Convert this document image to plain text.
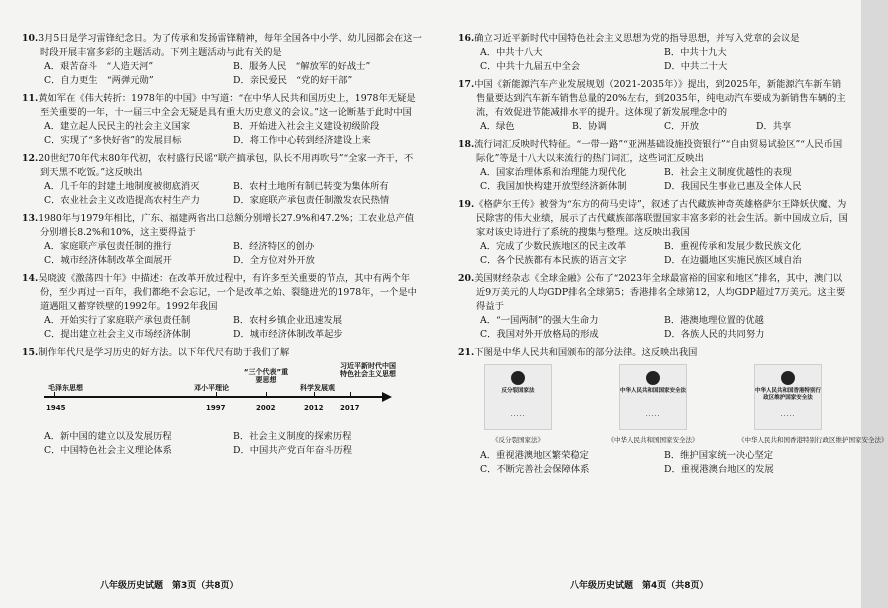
10.3月5日是学习雷锋纪念日。为了传承和发扬雷锋精神，每年全国各中小学、幼儿园都会在这一时段开展丰富多彩的主题活动。下列主题活动与此有关的是
A．艰苦奋斗　“人造天河”	B．服务人民　“解放军的好战士”
C．自力更生　“两弹元勋”	D．亲民爱民　“党的好干部”
11.黄如军在《伟大转折：1978年的中国》中写道：“在中华人民共和国历史上，1978年无疑是至关重要的一年，十一届三中全会无疑是具有重大历史意义的会议。”这一论断基于此时中国
A．建立起人民民主的社会主义国家	B．开始进入社会主义建设初级阶段
C．实现了“多快好省”的发展目标	D．将工作中心转到经济建设上来
12.20世纪70年代末80年代初，农村盛行民谣“联产搞承包，队长不用再吹号”“全家一齐干，不到天黑不吃饭。”这反映出
A．几千年的封建土地制度被彻底消灭	B．农村土地所有制已转变为集体所有
C．农业社会主义改造提高农村生产力	D．家庭联产承包责任制激发农民热情
13.1980年与1979年相比，广东、福建两省出口总额分别增长27.9%和47.2%；工农业总产值分别增长8.2%和10%，这主要得益于
A．家庭联产承包责任制的推行	B．经济特区的创办
C．城市经济体制改革全面展开	D．全方位对外开放
14.吴晓波《激荡四十年》中描述：在改革开放过程中，有许多至关重要的节点，其中有两个年份，至少再过一百年，我们都绝不会忘记，一个是改革之始、裂缝进光的1978年，一个是中道遇阻又蓄穿铁壁的1992年。1992年我国
A．开始实行了家庭联产承包责任制	B．农村乡镇企业迅速发展
C．提出建立社会主义市场经济体制	D．城市经济体制改革起步
15.制作年代尺是学习历史的好方法。以下年代尺有助于我们了解
毛泽东思想	邓小平理论
“三个代表”重要思想
科学发展观
习近平新时代中国特色社会主义思想
1945	1997	2002	2012 2017
A．新中国的建立以及发展历程	B．社会主义制度的探索历程
C．中国特色社会主义理论体系	D．中国共产党百年奋斗历程
八年级历史试题　第3页（共8页）
16.确立习近平新时代中国特色社会主义思想为党的指导思想，并写入党章的会议是
A．中共十八大	B．中共十九大
C．中共十九届五中全会	D．中共二十大
17.中国《新能源汽车产业发展规划（2021-2035年）》提出，到2025年，新能源汽车新车销售量要达到汽车新车销售总量的20%左右，到2035年，纯电动汽车要成为新销售车辆的主流，有效促进节能减排水平的提升。这体现了新发展理念中的
A．绿色	B．协调	C．开放	D．共享
18.流行词汇反映时代特征。“一带一路”“亚洲基础设施投资银行”“自由贸易试验区”“人民币国际化”等是十八大以来流行的热门词汇，这些词汇反映出
A．国家治理体系和治理能力现代化	B．社会主义制度优越性的表现
C．我国加快构建开放型经济新体制	D．我国民生事业已惠及全体人民
19.《格萨尔王传》被誉为“东方的荷马史诗”，叙述了古代藏族神奇英雄格萨尔王降妖伏魔、为民除害的伟大业绩，展示了古代藏族部落联盟国家丰富多彩的社会生活。新中国成立后，国家对该史诗进行了系统的搜集与整理。这反映出我国
A．完成了少数民族地区的民主改革	B．重视传承和发展少数民族文化
C．各个民族都有本民族的语言文字	D．在边疆地区实施民族区域自治
20.美国财经杂志《全球金融》公布了“2023年全球最富裕的国家和地区”排名，其中，澳门以近9万美元的人均GDP排名全球第5；香港排名全球第12，人均GDP超过7万美元。这主要得益于
A．“一国两制”的强大生命力	B．港澳地理位置的优越
C．我国对外开放格局的形成	D．各族人民的共同努力
21.下图是中华人民共和国颁布的部分法律。这反映出我国
反分裂国家法
·····
《反分裂国家法》
中华人民共和国国家安全法
·····
《中华人民共和国国家安全法》
中华人民共和国香港特别行政区维护国家安全法
·····
《中华人民共和国香港特别行政区维护国家安全法》
A．重视港澳地区繁荣稳定	B．维护国家统一决心坚定
C．不断完善社会保障体系	D．重视港澳台地区的发展
八年级历史试题　第4页（共8页）
